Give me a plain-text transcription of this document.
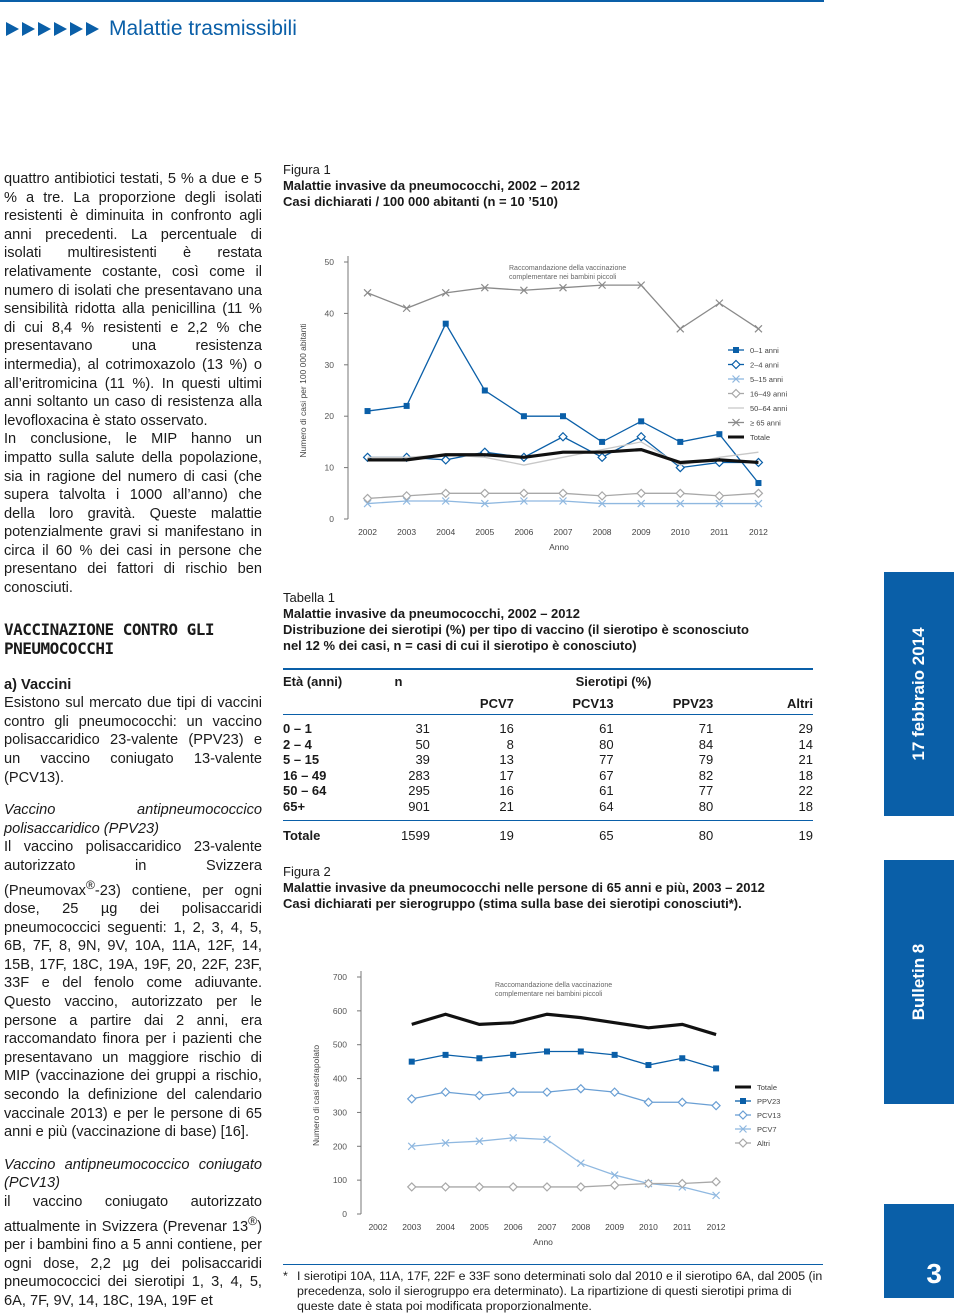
Malattie trasmissibili

quattro antibiotici testati, 5 % a due e 5 % a tre. La proporzione degli isolati resistenti è diminuita in confronto agli anni precedenti. La percentuale di isolati multiresistenti è restata relativamente costante, così come il numero di isolati che presentavano una sensibilità ridotta alla penicillina (11 % di cui 8,4 % resistenti e 2,2 % che presentavano una resistenza intermedia), al cotrimoxazolo (13 %) o all’eritromicina (11 %). In questi ultimi anni soltanto un caso di resistenza alla levofloxacina è stato osservato.

In conclusione, le MIP hanno un impatto sulla salute della popolazione, sia in ragione del numero di casi (che supera talvolta i 1000 all’anno) che della loro gravità. Queste malattie potenzialmente gravi si manifestano in circa il 60 % dei casi in persone che presentano dei fattori di rischio ben conosciuti.

VACCINAZIONE CONTRO GLI PNEUMOCOCCHI

a) Vaccini

Esistono sul mercato due tipi di vaccini contro gli pneumococchi: un vaccino polisaccaridico 23-valente (PPV23) e un vaccino coniugato 13-valente (PCV13).

Vaccino antipneumococcico polisaccaridico (PPV23)

Il vaccino polisaccaridico 23-valente autorizzato in Svizzera (Pneumovax®-23) contiene, per ogni dose, 25 µg dei polisaccaridi pneumococcici seguenti: 1, 2, 3, 4, 5, 6B, 7F, 8, 9N, 9V, 10A, 11A, 12F, 14, 15B, 17F, 18C, 19A, 19F, 20, 22F, 23F, 33F e del fenolo come adiuvante. Questo vaccino, autorizzato per le persone a partire dai 2 anni, era raccomandato finora per i pazienti che presentavano un maggiore rischio di MIP (vaccinazione dei gruppi a rischio, secondo la definizione del calendario vaccinale 2013) e per le persone di 65 anni e più (vaccinazione di base) [16].

Vaccino antipneumococcico coniugato (PCV13)

il vaccino coniugato autorizzato attualmente in Svizzera (Prevenar 13®) per i bambini fino a 5 anni contiene, per ogni dose, 2,2 µg dei polisaccaridi pneumococcici dei sierotipi 1, 3, 4, 5, 6A, 7F, 9V, 14, 18C, 19A, 19F et

Figura 1
Malattie invasive da pneumococchi, 2002 – 2012
Casi dichiarati / 100 000 abitanti (n = 10 ’510)
0
10
20
30
40
50
2002 2003 2004 2005 2006 2007 2008 2009 2010 2011 2012
Anno
Numero di casi per 100 000 abitanti
Raccomandazione della vaccinazione
complementare nei bambini piccoli
0–1 anni
2–4 anni
5–15 anni
16–49 anni
50–64 anni
≥ 65 anni
Totale
Tabella 1
Malattie invasive da pneumococchi, 2002 – 2012
Distribuzione dei sierotipi (%) per tipo di vaccino (il sierotipo è sconosciuto
nel 12 % dei casi, n = casi di cui il sierotipo è conosciuto)
Età (anni)	n		Sierotipi (%)		
		PCV7	PCV13	PPV23	Altri

0 – 1	31	16	61	71	29
2 – 4	50	8	80	84	14
5 – 15	39	13	77	79	21
16 – 49	283	17	67	82	18
50 – 64	295	16	61	77	22
65+	901	21	64	80	18

Totale	1599	19	65	80	19
Figura 2
Malattie invasive da pneumococchi nelle persone di 65 anni e più, 2003 – 2012
Casi dichiarati per sierogruppo (stima sulla base dei sierotipi conosciuti*).
0
100
200
300
400
500
600
700
2002 2003 2004 2005 2006 2007 2008 2009 2010 2011 2012
Anno
Numero di casi estrapolato
Raccomandazione della vaccinazione
complementare nei bambini piccoli
Totale
PPV23
PCV13
PCV7
Altri
* I sierotipi 10A, 11A, 17F, 22F e 33F sono determinati solo dal 2010 e il sierotipo 6A, dal 2005 (in precedenza, solo il sierogruppo era determinato). La ripartizione di questi sierotipi prima di queste date è stata poi modificata proporzionalmente.
17 febbraio 2014
Bulletin 8
3
